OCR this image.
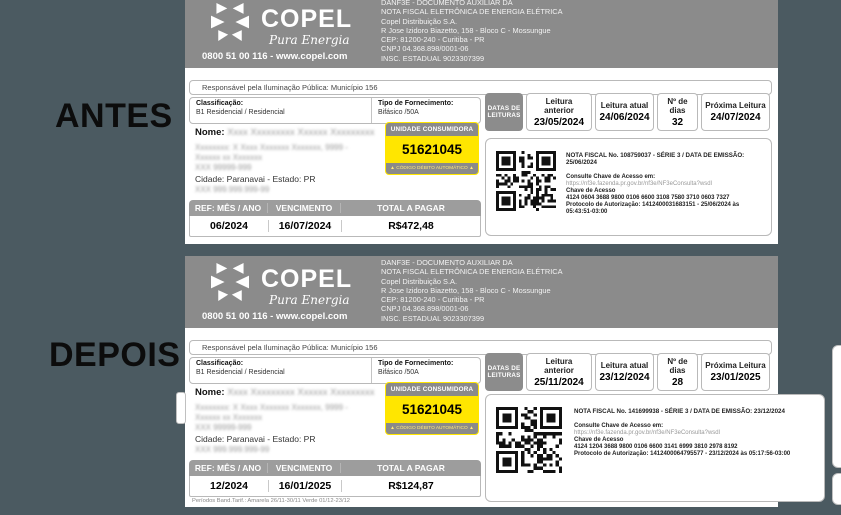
ANTES
DEPOIS
COPEL
Pura Energia
0800 51 00 116 - www.copel.com
DANF3E - DOCUMENTO AUXILIAR DA
NOTA FISCAL ELETRÔNICA DE ENERGIA ELÉTRICA
Copel Distribuição S.A.
R Jose Izidoro Biazetto, 158 - Bloco C - Mossungue
CEP: 81200-240 - Curitiba - PR
CNPJ 04.368.898/0001-06
INSC. ESTADUAL 9023307399
Responsável pela Iluminação Pública: Município 156
Classificação:
B1 Residencial / Residencial
Tipo de Fornecimento:
Bifásico /50A
Nome: Xxxx Xxxxxxxxx Xxxxxx Xxxxxxxxx
Xxxxxxxx: X Xxxx Xxxxxxx Xxxxxxx, 9999 -
Xxxxxx xx Xxxxxxx
XXX 99999-999
Cidade: Paranavai - Estado: PR
XXX 999.999.999-99
UNIDADE CONSUMIDORA
51621045
▲ CÓDIGO DÉBITO AUTOMÁTICO ▲
DATAS DE
LEITURAS
Leitura anterior
23/05/2024
Leitura atual
24/06/2024
Nº de dias
32
Próxima Leitura
24/07/2024
NOTA FISCAL No. 108759037 - SÉRIE 3 / DATA DE EMISSÃO: 25/06/2024
Consulte Chave de Acesso em:
https://nf3e.fazenda.pr.gov.br/nf3e/NF3eConsulta?wsdl
Chave de Acesso
4124 0604 3688 9800 0106 6600 3108 7580 3710 0603 7327
Protocolo de Autorização: 1412400031683151 - 25/06/2024 às 05:43:51-03:00
REF: MÊS / ANO	VENCIMENTO	TOTAL A PAGAR
06/2024	16/07/2024	R$472,48
COPEL
Pura Energia
0800 51 00 116 - www.copel.com
DANF3E - DOCUMENTO AUXILIAR DA
NOTA FISCAL ELETRÔNICA DE ENERGIA ELÉTRICA
Copel Distribuição S.A.
R Jose Izidoro Biazetto, 158 - Bloco C - Mossungue
CEP: 81200-240 - Curitiba - PR
CNPJ 04.368.898/0001-06
INSC. ESTADUAL 9023307399
Responsável pela Iluminação Pública: Município 156
Classificação:
B1 Residencial / Residencial
Tipo de Fornecimento:
Bifásico /50A
Nome: Xxxx Xxxxxxxxx Xxxxxx Xxxxxxxxx
Xxxxxxxx: X Xxxx Xxxxxxx Xxxxxxx, 9999 -
Xxxxxx xx Xxxxxxx
XXX 99999-999
Cidade: Paranavai - Estado: PR
XXX 999.999.999-99
UNIDADE CONSUMIDORA
51621045
▲ CÓDIGO DÉBITO AUTOMÁTICO ▲
DATAS DE
LEITURAS
Leitura anterior
25/11/2024
Leitura atual
23/12/2024
Nº de dias
28
Próxima Leitura
23/01/2025
NOTA FISCAL No. 141699938 - SÉRIE 3 / DATA DE EMISSÃO: 23/12/2024
Consulte Chave de Acesso em:
https://nf3e.fazenda.pr.gov.br/nf3e/NF3eConsulta?wsdl
Chave de Acesso
4124 1204 3688 9800 0106 6600 3141 6999 3810 2978 8192
Protocolo de Autorização: 1412400064795577 - 23/12/2024 às 05:17:56-03:00
REF: MÊS / ANO	VENCIMENTO	TOTAL A PAGAR
12/2024	16/01/2025	R$124,87
Períodos Band.Tarif.: Amarela 26/11-30/11 Verde 01/12-23/12
